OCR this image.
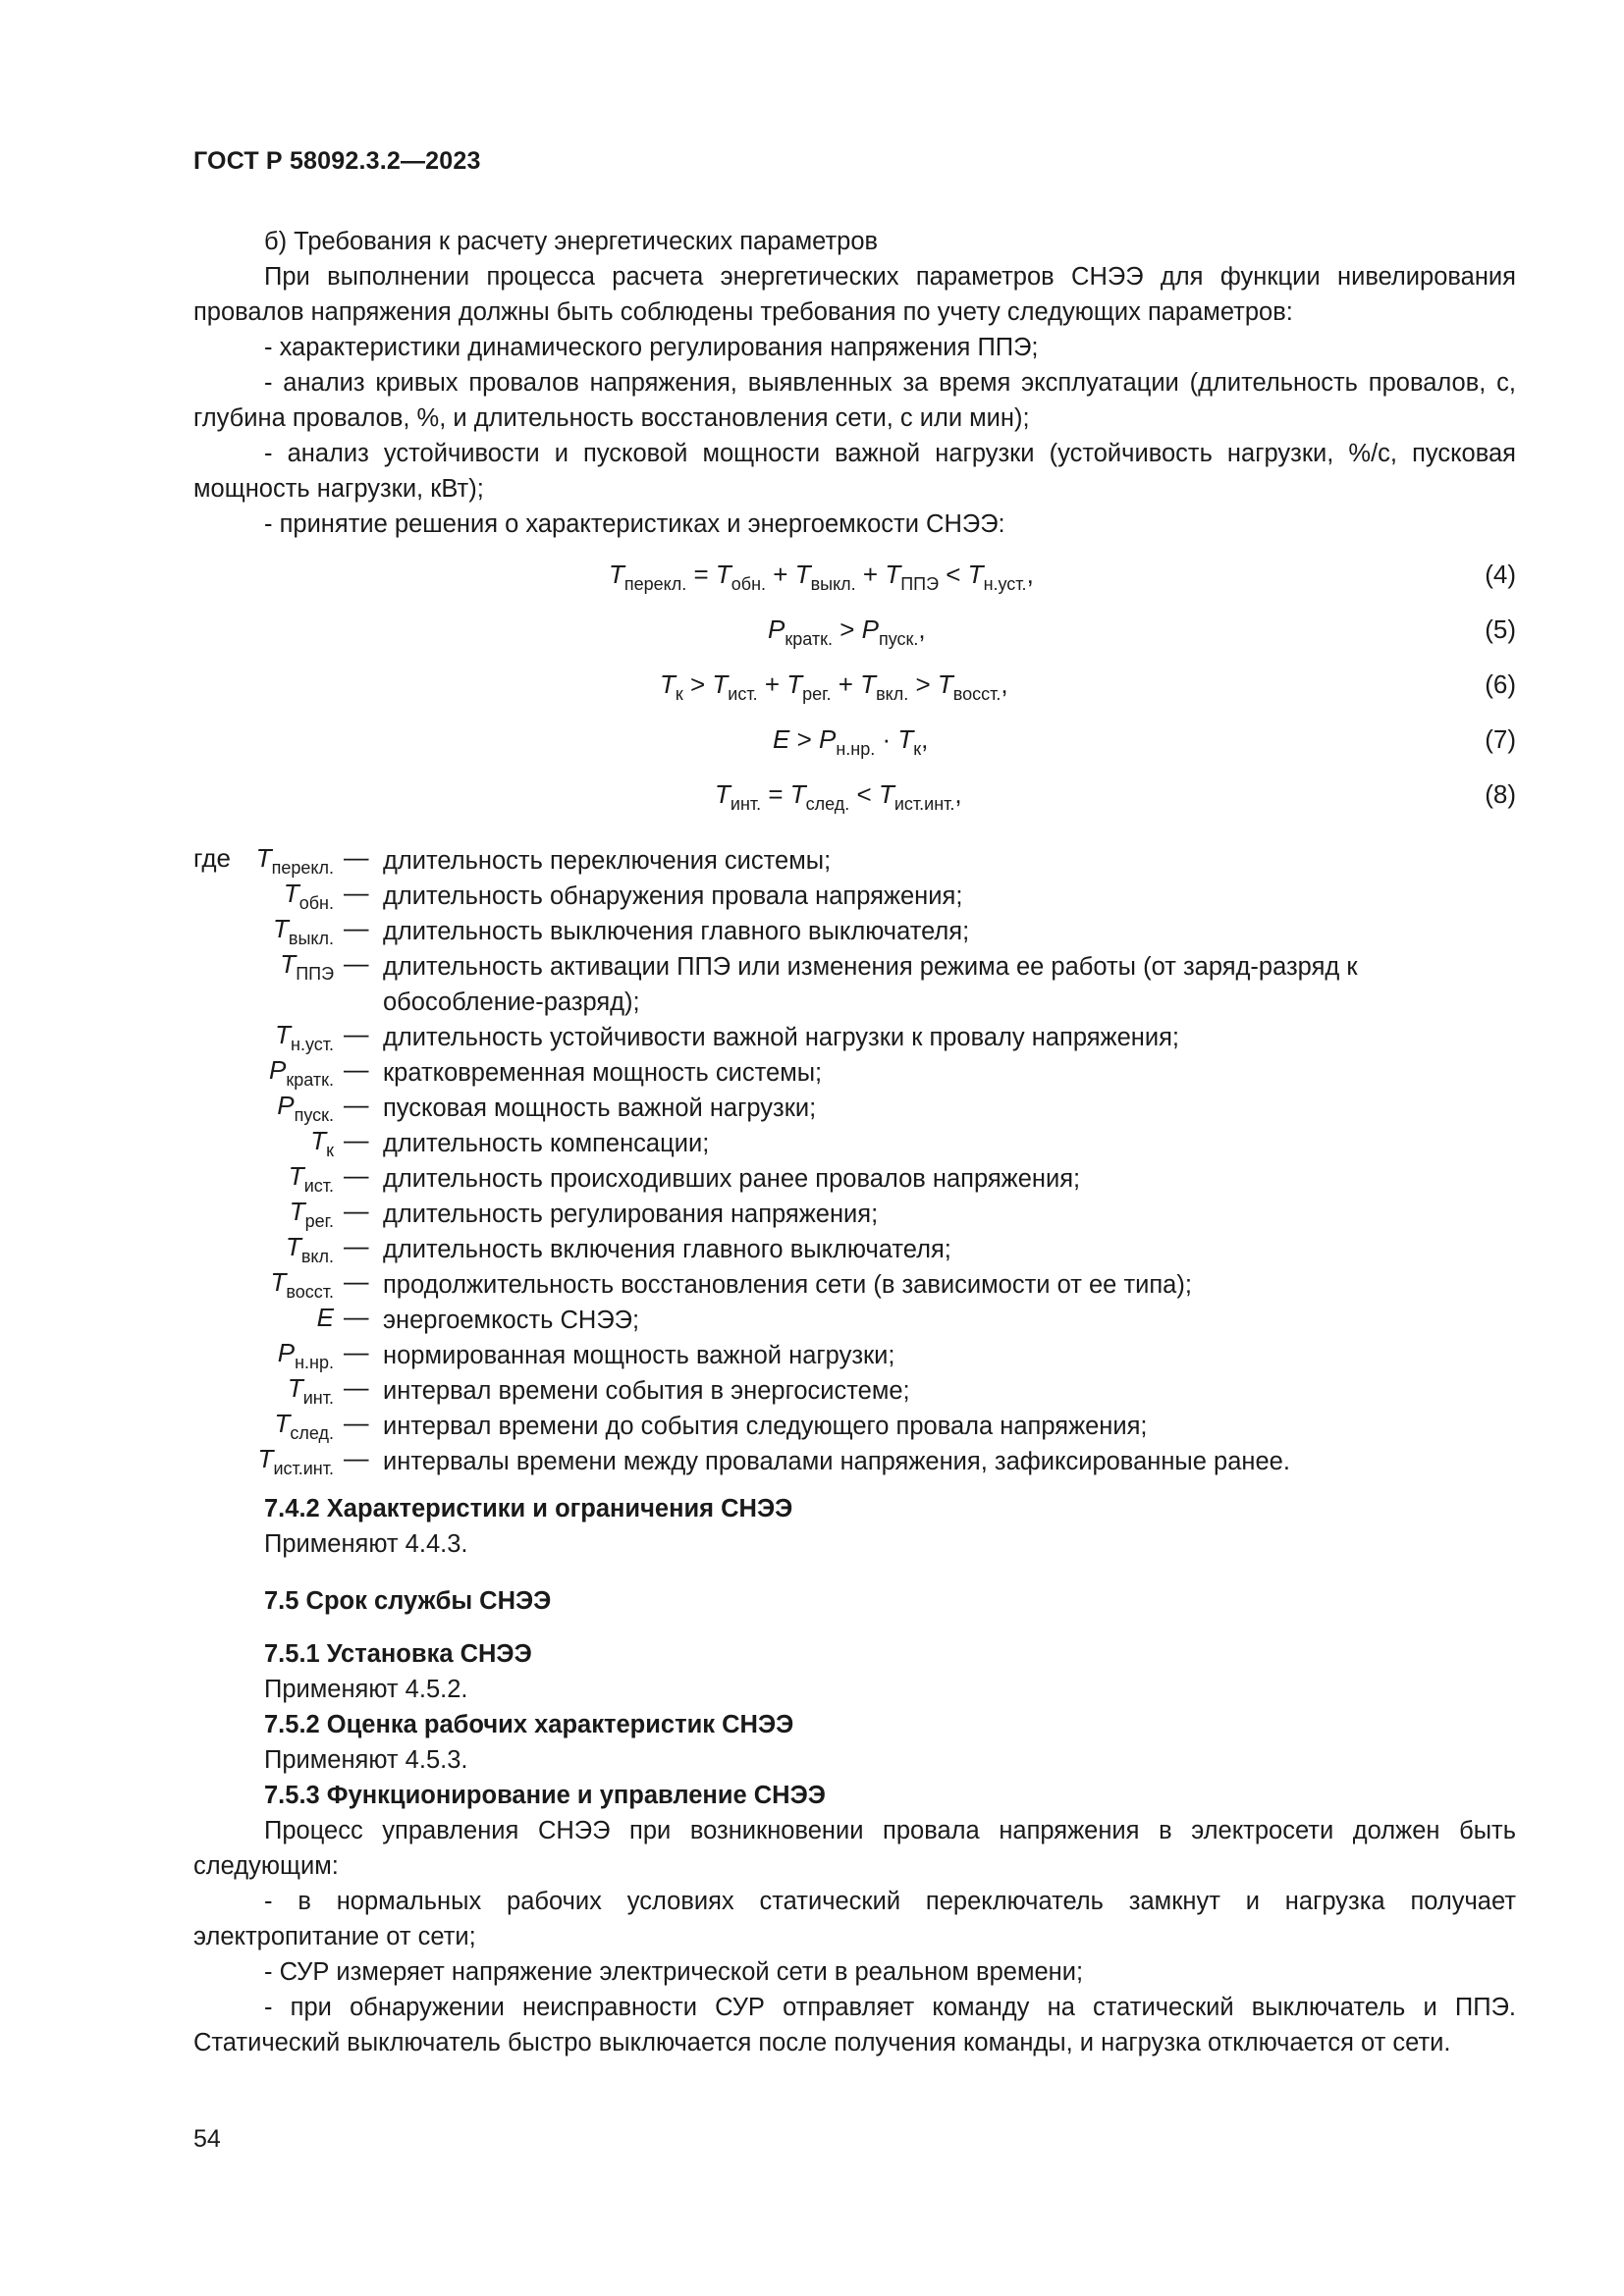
ГОСТ Р 58092.3.2—2023
б) Требования к расчету энергетических параметров
При выполнении процесса расчета энергетических параметров СНЭЭ для функции нивелирования провалов напряжения должны быть соблюдены требования по учету следующих параметров:
- характеристики динамического регулирования напряжения ППЭ;
- анализ кривых провалов напряжения, выявленных за время эксплуатации (длительность провалов, с, глубина провалов, %, и длительность восстановления сети, с или мин);
- анализ устойчивости и пусковой мощности важной нагрузки (устойчивость нагрузки, %/с, пусковая мощность нагрузки, кВт);
- принятие решения о характеристиках и энергоемкости СНЭЭ:
$T_{перекл.} = T_{обн.} + T_{выкл.} + T_{ППЭ} < T_{н.уст.}$,	(4)
$P_{кратк.} > P_{пуск.}$,	(5)
$T_к > T_{ист.} + T_{рег.} + T_{вкл.} > T_{восст.}$,	(6)
$E > P_{н.нр.} \cdot T_к$,	(7)
$T_{инт.} = T_{след.} < T_{ист.инт.}$,	(8)
где $T_{перекл.}$ — длительность переключения системы;
$T_{обн.}$ — длительность обнаружения провала напряжения;
$T_{выкл.}$ — длительность выключения главного выключателя;
$T_{ППЭ}$ — длительность активации ППЭ или изменения режима ее работы (от заряд-разряд к обособление-разряд);
$T_{н.уст.}$ — длительность устойчивости важной нагрузки к провалу напряжения;
$P_{кратк.}$ — кратковременная мощность системы;
$P_{пуск.}$ — пусковая мощность важной нагрузки;
$T_к$ — длительность компенсации;
$T_{ист.}$ — длительность происходивших ранее провалов напряжения;
$T_{рег.}$ — длительность регулирования напряжения;
$T_{вкл.}$ — длительность включения главного выключателя;
$T_{восст.}$ — продолжительность восстановления сети (в зависимости от ее типа);
E — энергоемкость СНЭЭ;
$P_{н.нр.}$ — нормированная мощность важной нагрузки;
$T_{инт.}$ — интервал времени события в энергосистеме;
$T_{след.}$ — интервал времени до события следующего провала напряжения;
$T_{ист.инт.}$ — интервалы времени между провалами напряжения, зафиксированные ранее.
7.4.2 Характеристики и ограничения СНЭЭ
Применяют 4.4.3.
7.5 Срок службы СНЭЭ
7.5.1 Установка СНЭЭ
Применяют 4.5.2.
7.5.2 Оценка рабочих характеристик СНЭЭ
Применяют 4.5.3.
7.5.3 Функционирование и управление СНЭЭ
Процесс управления СНЭЭ при возникновении провала напряжения в электросети должен быть следующим:
- в нормальных рабочих условиях статический переключатель замкнут и нагрузка получает электропитание от сети;
- СУР измеряет напряжение электрической сети в реальном времени;
- при обнаружении неисправности СУР отправляет команду на статический выключатель и ППЭ. Статический выключатель быстро выключается после получения команды, и нагрузка отключается от сети.
54
